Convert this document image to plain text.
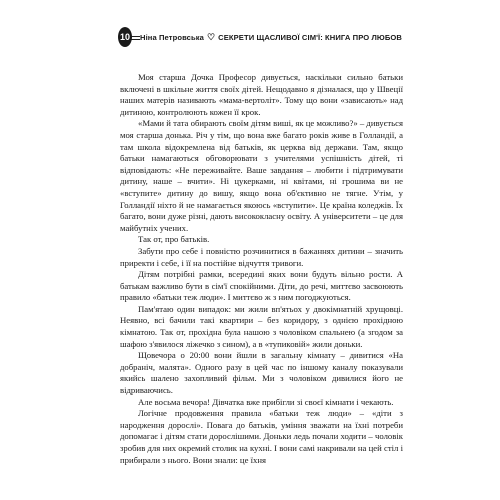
10 Ніна Петровська ♡ СЕКРЕТИ ЩАСЛИВОЇ СІМ'Ї: КНИГА ПРО ЛЮБОВ

Моя старша Дочка Професор дивується, наскільки сильно батьки включені в шкільне життя своїх дітей. Нещодавно я дізналася, що у Швеції наших матерів називають «мама-вертоліт». Тому що вони «зависають» над дитиною, контролюють кожен її крок.

«Мами й тата обирають своїм дітям виші, як це можливо?» – дивується моя старша донька. Річ у тім, що вона вже багато років живе в Голландії, а там школа відокремлена від батьків, як церква від держави. Там, якщо батьки намагаються обговорювати з учителями успішність дітей, ті відповідають: «Не переживайте. Ваше завдання – любити і підтримувати дитину, наше – вчити». Ні цукерками, ні квітами, ні грошима ви не «вступите» дитину до вишу, якщо вона об'єктивно не тягне. Утім, у Голландії ніхто й не намагається якоюсь «вступити». Це країна коледжів. Їх багато, вони дуже різні, дають висококласну освіту. А університети – це для майбутніх учених.

Так от, про батьків.

Забути про себе і повністю розчинитися в бажаннях дитини – значить приректи і себе, і її на постійне відчуття тривоги.

Дітям потрібні рамки, всередині яких вони будуть вільно рости. А батькам важливо бути в сім'ї спокійними. Діти, до речі, миттєво засвоюють правило «батьки теж люди». І миттєво ж з ним погоджуються.

Пам'ятаю один випадок: ми жили вп'ятьох у двокімнатній хрущовці. Неявно, всі бачили такі квартири – без коридору, з однією прохідною кімнатою. Так от, прохідна була нашою з чоловіком спальнею (а згодом за шафою з'явилося ліжечко з сином), а в «тупиковій» жили доньки.

Щовечора о 20:00 вони йшли в загальну кімнату – дивитися «На добраніч, малята». Одного разу в цей час по іншому каналу показували якийсь шалено захопливий фільм. Ми з чоловіком дивилися його не відриваючись.

Але восьма вечора! Дівчатка вже прибігли зі своєї кімнати і чекають.

Логічне продовження правила «батьки теж люди» – «діти з народження дорослі». Повага до батьків, уміння зважати на їхні потреби допомагає і дітям стати дорослішими. Доньки ледь почали ходити – чоловік зробив для них окремий столик на кухні. І вони самі накривали на цей стіл і прибирали з нього. Вони знали: це їхня
